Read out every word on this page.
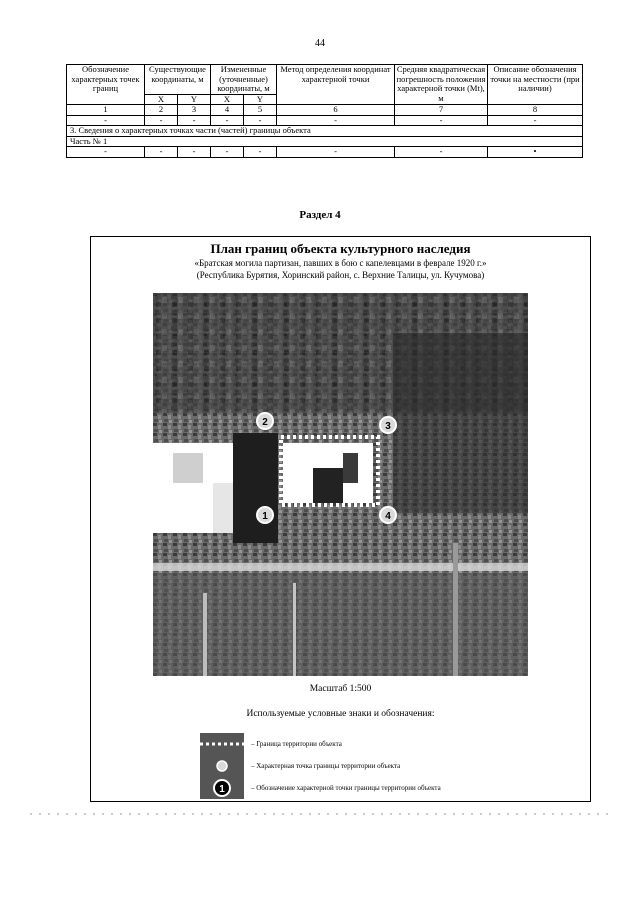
44
Обозначение характерных точек границ	Существующие координаты, м		Измененные (уточненные) координаты, м		Метод определения координат характерной точки	Средняя квадратическая погрешность положения характерной точки (Mt), м	Описание обозначения точки на местности (при наличии)
	X	Y	X	Y			
1	2	3	4	5	6	7	8
-	-	-	-	-	-	-	-
3. Сведения о характерных точках части (частей) границы объекта							
Часть № 1							
-	-	-	-	-	-	-	•
Раздел 4
План границ объекта культурного наследия
«Братская могила партизан, павших в бою с капелевцами в феврале 1920 г.»
(Республика Бурятия, Хоринский район, с. Верхние Талицы, ул. Кучумова)
2	3
1	4
Масштаб 1:500
Используемые условные знаки и обозначения:
– Граница территории объекта
– Характерная точка границы территории объекта
1	– Обозначение характерной точки границы территории объекта
